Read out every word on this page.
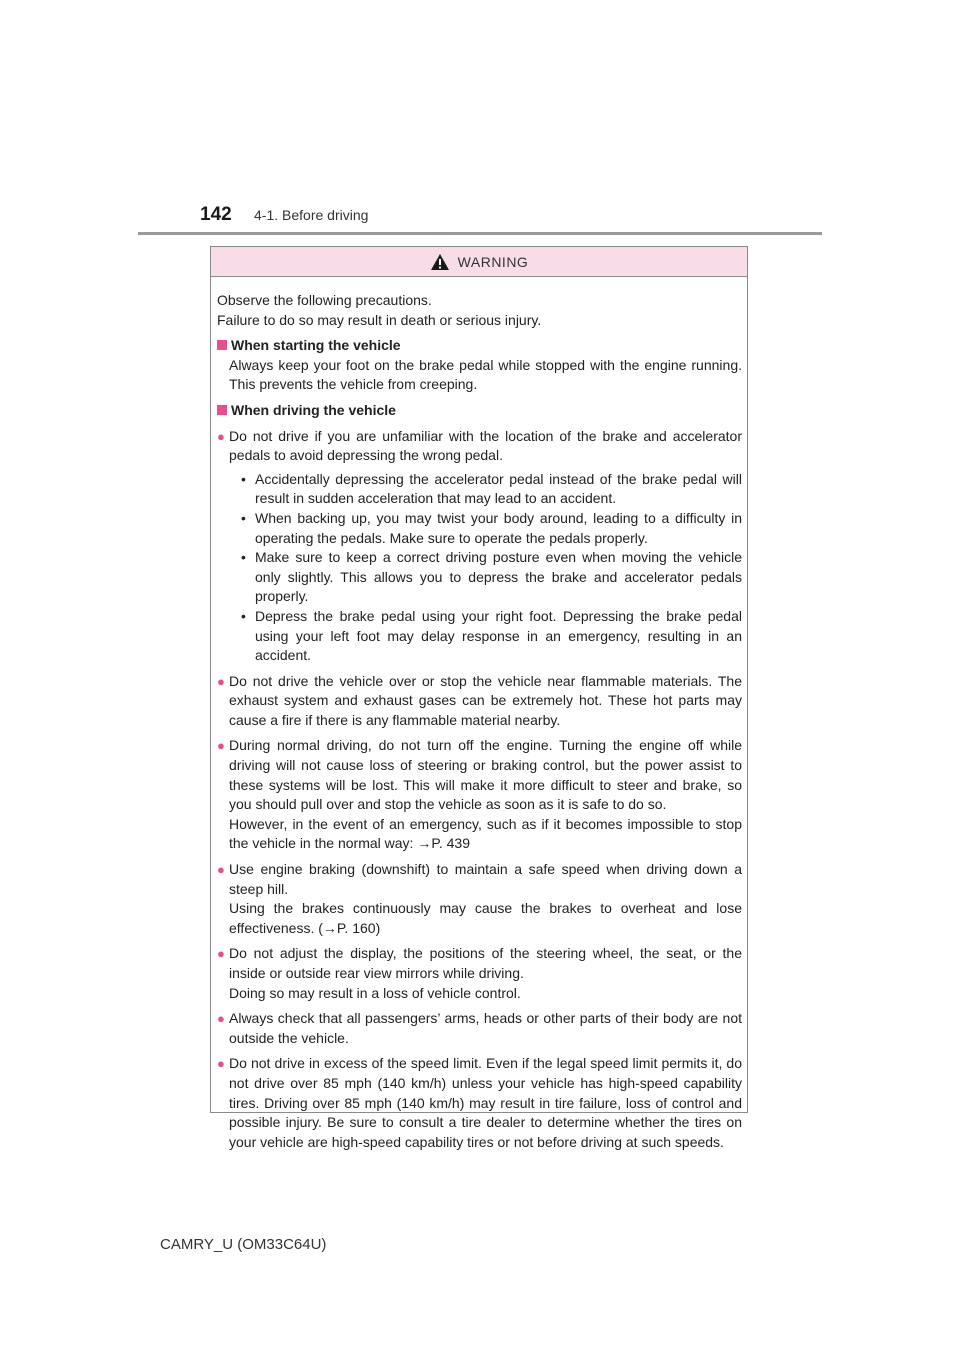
142	4-1. Before driving
WARNING

Observe the following precautions.

Failure to do so may result in death or serious injury.

When starting the vehicle
Always keep your foot on the brake pedal while stopped with the engine running. This prevents the vehicle from creeping.
When driving the vehicle
● Do not drive if you are unfamiliar with the location of the brake and accelerator pedals to avoid depressing the wrong pedal.

• Accidentally depressing the accelerator pedal instead of the brake pedal will result in sudden acceleration that may lead to an accident.
• When backing up, you may twist your body around, leading to a difficulty in operating the pedals. Make sure to operate the pedals properly.
• Make sure to keep a correct driving posture even when moving the vehicle only slightly. This allows you to depress the brake and accelerator pedals properly.
• Depress the brake pedal using your right foot. Depressing the brake pedal using your left foot may delay response in an emergency, resulting in an accident.
● Do not drive the vehicle over or stop the vehicle near flammable materials. The exhaust system and exhaust gases can be extremely hot. These hot parts may cause a fire if there is any flammable material nearby.

● During normal driving, do not turn off the engine. Turning the engine off while driving will not cause loss of steering or braking control, but the power assist to these systems will be lost. This will make it more difficult to steer and brake, so you should pull over and stop the vehicle as soon as it is safe to do so.

However, in the event of an emergency, such as if it becomes impossible to stop the vehicle in the normal way: →P. 439

● Use engine braking (downshift) to maintain a safe speed when driving down a steep hill.

Using the brakes continuously may cause the brakes to overheat and lose effectiveness. (→P. 160)

● Do not adjust the display, the positions of the steering wheel, the seat, or the inside or outside rear view mirrors while driving.

Doing so may result in a loss of vehicle control.

● Always check that all passengers’ arms, heads or other parts of their body are not outside the vehicle.

● Do not drive in excess of the speed limit. Even if the legal speed limit permits it, do not drive over 85 mph (140 km/h) unless your vehicle has high-speed capability tires. Driving over 85 mph (140 km/h) may result in tire failure, loss of control and possible injury. Be sure to consult a tire dealer to determine whether the tires on your vehicle are high-speed capability tires or not before driving at such speeds.

CAMRY_U (OM33C64U)
